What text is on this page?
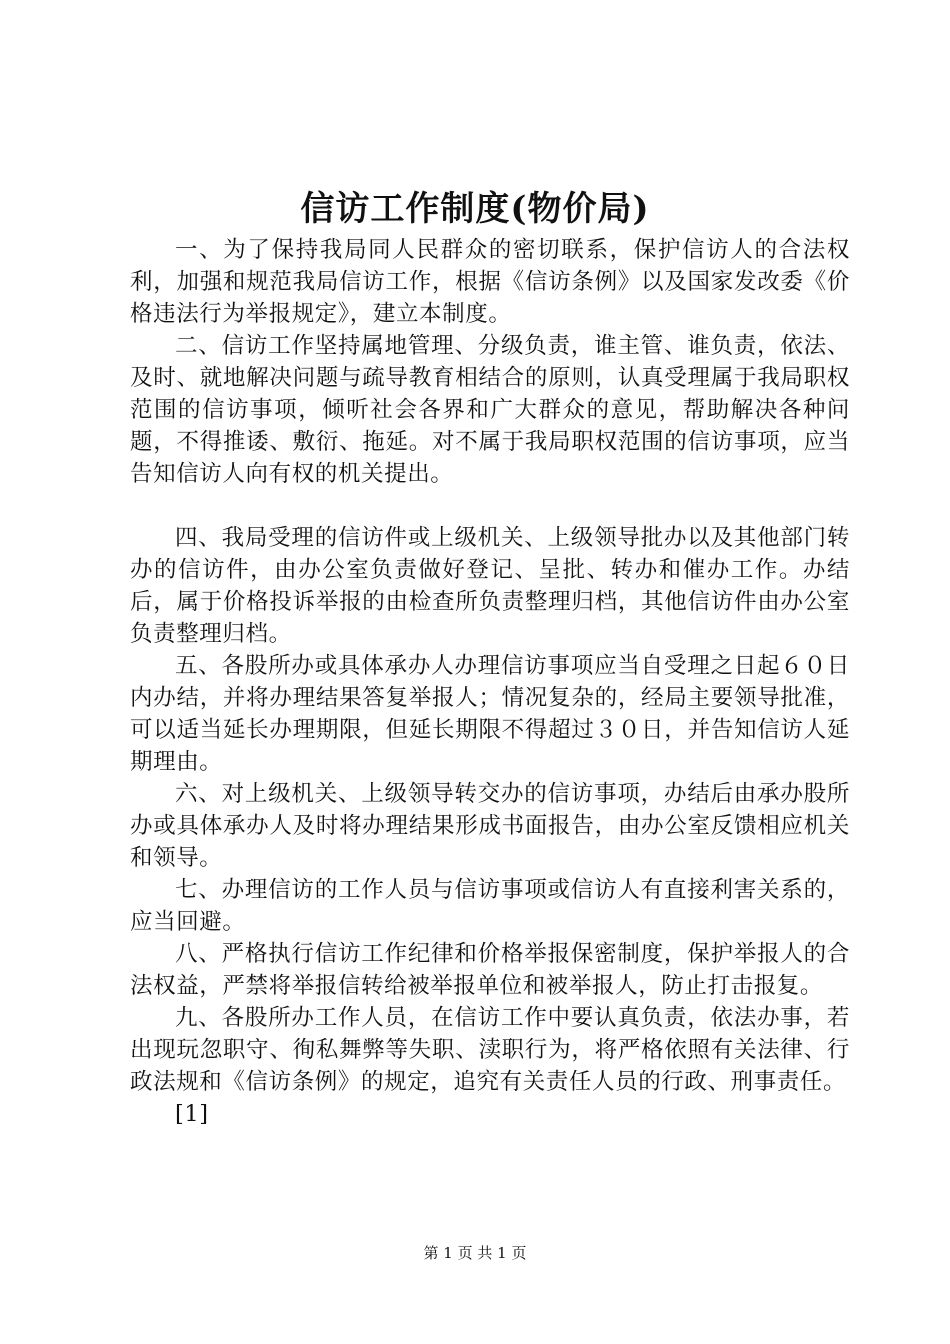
信访工作制度(物价局)

一、为了保持我局同人民群众的密切联系，保护信访人的合法权利，加强和规范我局信访工作，根据《信访条例》以及国家发改委《价格违法行为举报规定》，建立本制度。

二、信访工作坚持属地管理、分级负责，谁主管、谁负责，依法、及时、就地解决问题与疏导教育相结合的原则，认真受理属于我局职权范围的信访事项，倾听社会各界和广大群众的意见，帮助解决各种问题，不得推诿、敷衍、拖延。对不属于我局职权范围的信访事项，应当告知信访人向有权的机关提出。

四、我局受理的信访件或上级机关、上级领导批办以及其他部门转办的信访件，由办公室负责做好登记、呈批、转办和催办工作。办结后，属于价格投诉举报的由检查所负责整理归档，其他信访件由办公室负责整理归档。

五、各股所办或具体承办人办理信访事项应当自受理之日起６０日内办结，并将办理结果答复举报人；情况复杂的，经局主要领导批准，可以适当延长办理期限，但延长期限不得超过３０日，并告知信访人延期理由。

六、对上级机关、上级领导转交办的信访事项，办结后由承办股所办或具体承办人及时将办理结果形成书面报告，由办公室反馈相应机关和领导。

七、办理信访的工作人员与信访事项或信访人有直接利害关系的，应当回避。

八、严格执行信访工作纪律和价格举报保密制度，保护举报人的合法权益，严禁将举报信转给被举报单位和被举报人，防止打击报复。

九、各股所办工作人员，在信访工作中要认真负责，依法办事，若出现玩忽职守、徇私舞弊等失职、渎职行为，将严格依照有关法律、行政法规和《信访条例》的规定，追究有关责任人员的行政、刑事责任。

[1]

第 1 页 共 1 页
